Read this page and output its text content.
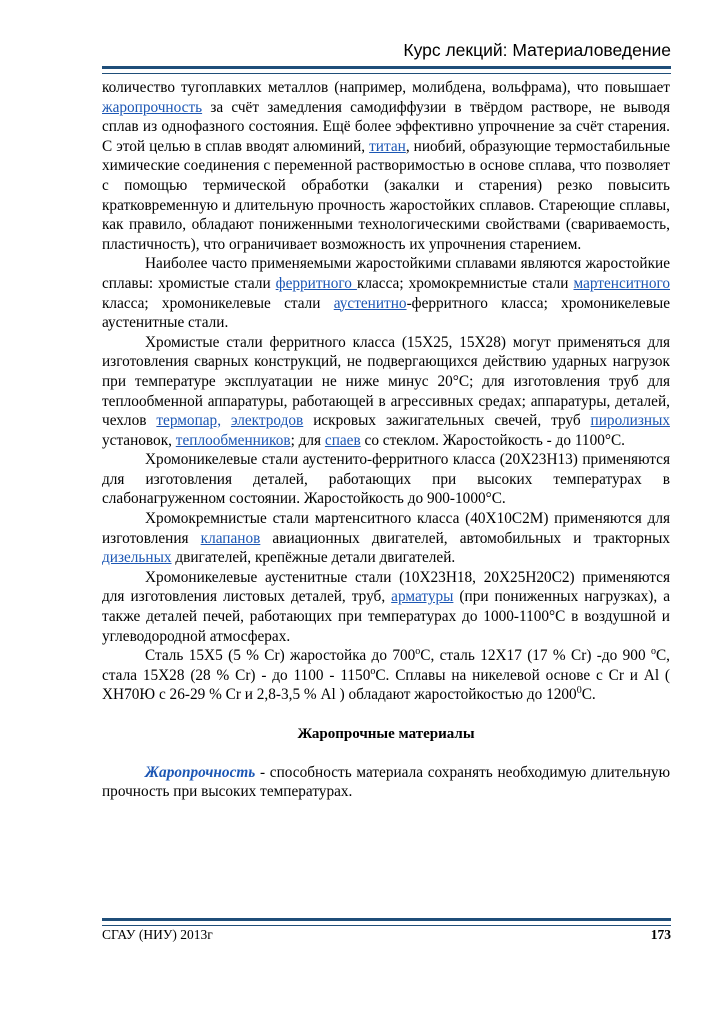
Курс лекций: Материаловедение

количество тугоплавких металлов (например, молибдена, вольфрама), что повышает жаропрочность за счёт замедления самодиффузии в твёрдом растворе, не выводя сплав из однофазного состояния. Ещё более эффективно упрочнение за счёт старения. С этой целью в сплав вводят алюминий, титан, ниобий, образующие термостабильные химические соединения с переменной растворимостью в основе сплава, что позволяет с помощью термической обработки (закалки и старения) резко повысить кратковременную и длительную прочность жаростойких сплавов. Стареющие сплавы, как правило, обладают пониженными технологическими свойствами (свариваемость, пластичность), что ограничивает возможность их упрочнения старением.

Наиболее часто применяемыми жаростойкими сплавами являются жаростойкие сплавы: хромистые стали ферритного класса; хромокремнистые стали мартенситного класса; хромоникелевые стали аустенитно-ферритного класса; хромоникелевые аустенитные стали.

Хромистые стали ферритного класса (15Х25, 15Х28) могут применяться для изготовления сварных конструкций, не подвергающихся действию ударных нагрузок при температуре эксплуатации не ниже минус 20°С; для изготовления труб для теплообменной аппаратуры, работающей в агрессивных средах; аппаратуры, деталей, чехлов термопар, электродов искровых зажигательных свечей, труб пиролизных установок, теплообменников; для спаев со стеклом. Жаростойкость - до 1100°С.

Хромоникелевые стали аустенито-ферритного класса (20Х23Н13) применяются для изготовления деталей, работающих при высоких температурах в слабонагруженном состоянии. Жаростойкость до 900-1000°С.

Хромокремнистые стали мартенситного класса (40Х10С2М) применяются для изготовления клапанов авиационных двигателей, автомобильных и тракторных дизельных двигателей, крепёжные детали двигателей.

Хромоникелевые аустенитные стали (10Х23Н18, 20Х25Н20С2) применяются для изготовления листовых деталей, труб, арматуры (при пониженных нагрузках), а также деталей печей, работающих при температурах до 1000-1100°С в воздушной и углеводородной атмосферах.

Сталь 15Х5 (5 % Cr) жаростойка до $700^оС$, сталь 12Х17 (17 % Cr) -до 900 $^о$С, стала 15Х28 (28 % Cr) - до $1100 - 1150^оС$. Сплавы на никелевой основе с Cr и Al ( ХН70Ю с 26-29 % Cr и 2,8-3,5 % Al ) обладают жаростойкостью до 1200$^0$С.

Жаропрочные материалы

Жаропрочность - способность материала сохранять необходимую длительную прочность при высоких температурах.

СГАУ (НИУ) 2013г	173
